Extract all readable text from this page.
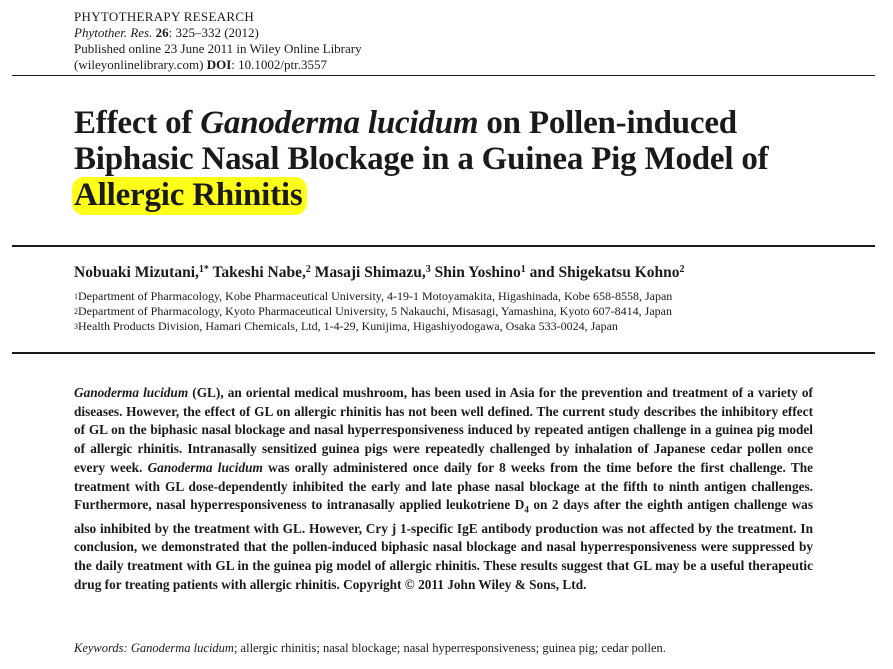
PHYTOTHERAPY RESEARCH
Phytother. Res. 26: 325–332 (2012)
Published online 23 June 2011 in Wiley Online Library
(wileyonlinelibrary.com) DOI: 10.1002/ptr.3557
Effect of Ganoderma lucidum on Pollen-induced Biphasic Nasal Blockage in a Guinea Pig Model of
Allergic Rhinitis
Nobuaki Mizutani,$^{1*}$ Takeshi Nabe,$^2$ Masaji Shimazu,$^3$ Shin Yoshino$^1$ and Shigekatsu Kohno$^2$
$^1$Department of Pharmacology, Kobe Pharmaceutical University, 4-19-1 Motoyamakita, Higashinada, Kobe 658-8558, Japan
$^2$Department of Pharmacology, Kyoto Pharmaceutical University, 5 Nakauchi, Misasagi, Yamashina, Kyoto 607-8414, Japan
$^3$Health Products Division, Hamari Chemicals, Ltd, 1-4-29, Kunijima, Higashiyodogawa, Osaka 533-0024, Japan
Ganoderma lucidum (GL), an oriental medical mushroom, has been used in Asia for the prevention and treatment of a variety of diseases. However, the effect of GL on allergic rhinitis has not been well defined. The current study describes the inhibitory effect of GL on the biphasic nasal blockage and nasal hyperresponsiveness induced by repeated antigen challenge in a guinea pig model of allergic rhinitis. Intranasally sensitized guinea pigs were repeatedly challenged by inhalation of Japanese cedar pollen once every week. Ganoderma lucidum was orally administered once daily for 8 weeks from the time before the first challenge. The treatment with GL dose-dependently inhibited the early and late phase nasal blockage at the fifth to ninth antigen challenges. Furthermore, nasal hyperresponsiveness to intranasally applied leukotriene $D_4$ on 2 days after the eighth antigen challenge was also inhibited by the treatment with GL. However, Cry j 1-specific IgE antibody production was not affected by the treatment. In conclusion, we demonstrated that the pollen-induced biphasic nasal blockage and nasal hyperresponsiveness were suppressed by the daily treatment with GL in the guinea pig model of allergic rhinitis. These results suggest that GL may be a useful therapeutic drug for treating patients with allergic rhinitis. Copyright © 2011 John Wiley & Sons, Ltd.
Keywords: Ganoderma lucidum; allergic rhinitis; nasal blockage; nasal hyperresponsiveness; guinea pig; cedar pollen.
